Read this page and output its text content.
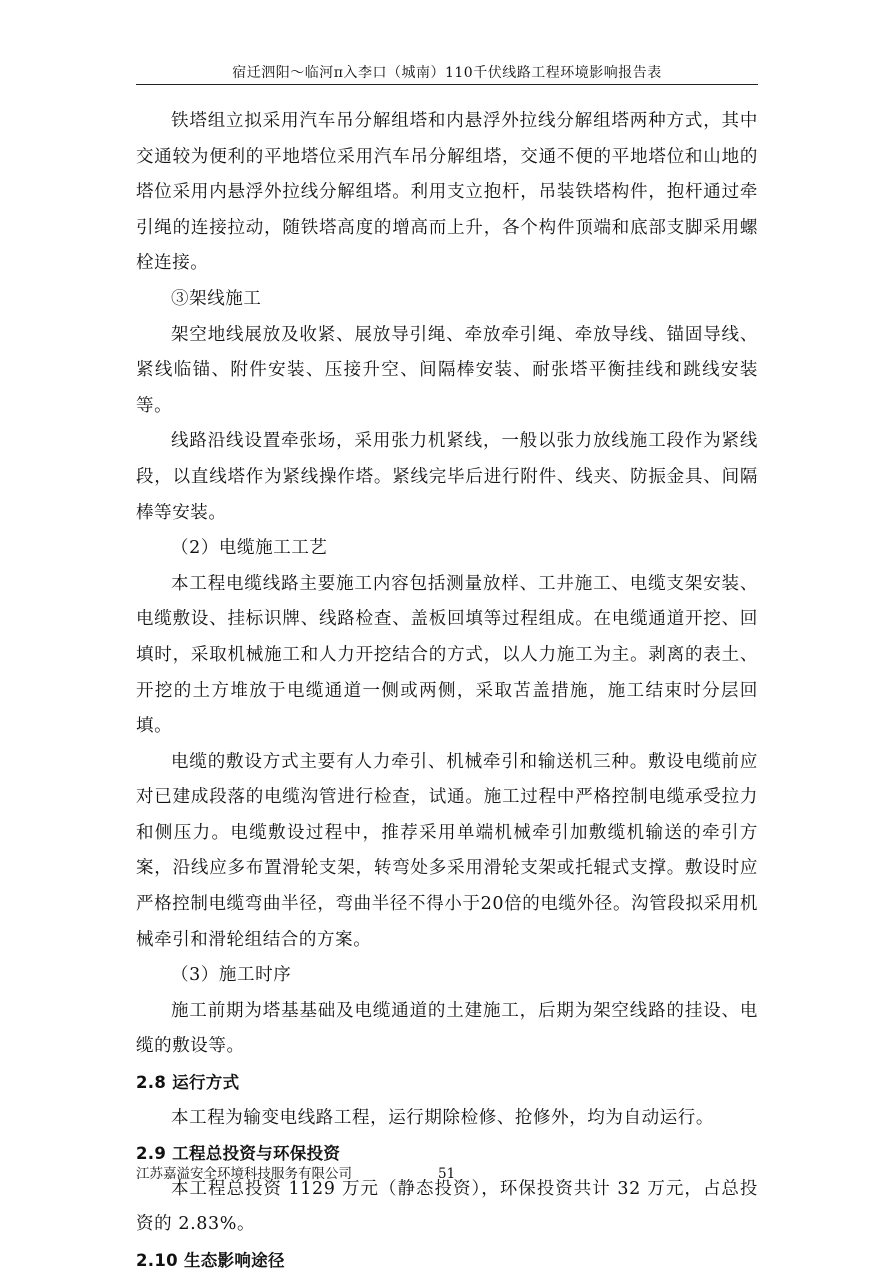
宿迁泗阳～临河π入李口（城南）110千伏线路工程环境影响报告表

铁塔组立拟采用汽车吊分解组塔和内悬浮外拉线分解组塔两种方式，其中交通较为便利的平地塔位采用汽车吊分解组塔，交通不便的平地塔位和山地的塔位采用内悬浮外拉线分解组塔。利用支立抱杆，吊装铁塔构件，抱杆通过牵引绳的连接拉动，随铁塔高度的增高而上升，各个构件顶端和底部支脚采用螺栓连接。

③架线施工

架空地线展放及收紧、展放导引绳、牵放牵引绳、牵放导线、锚固导线、紧线临锚、附件安装、压接升空、间隔棒安装、耐张塔平衡挂线和跳线安装等。

线路沿线设置牵张场，采用张力机紧线，一般以张力放线施工段作为紧线段，以直线塔作为紧线操作塔。紧线完毕后进行附件、线夹、防振金具、间隔棒等安装。

（2）电缆施工工艺

本工程电缆线路主要施工内容包括测量放样、工井施工、电缆支架安装、电缆敷设、挂标识牌、线路检查、盖板回填等过程组成。在电缆通道开挖、回填时，采取机械施工和人力开挖结合的方式，以人力施工为主。剥离的表土、开挖的土方堆放于电缆通道一侧或两侧，采取苫盖措施，施工结束时分层回填。

电缆的敷设方式主要有人力牵引、机械牵引和输送机三种。敷设电缆前应对已建成段落的电缆沟管进行检查，试通。施工过程中严格控制电缆承受拉力和侧压力。电缆敷设过程中，推荐采用单端机械牵引加敷缆机输送的牵引方案，沿线应多布置滑轮支架，转弯处多采用滑轮支架或托辊式支撑。敷设时应严格控制电缆弯曲半径，弯曲半径不得小于20倍的电缆外径。沟管段拟采用机械牵引和滑轮组结合的方案。

（3）施工时序

施工前期为塔基基础及电缆通道的土建施工，后期为架空线路的挂设、电缆的敷设等。

2.8 运行方式

本工程为输变电线路工程，运行期除检修、抢修外，均为自动运行。

2.9 工程总投资与环保投资

本工程总投资 1129 万元（静态投资），环保投资共计 32 万元，占总投资的 2.83%。

2.10 生态影响途径

江苏嘉溢安全环境科技服务有限公司	51
